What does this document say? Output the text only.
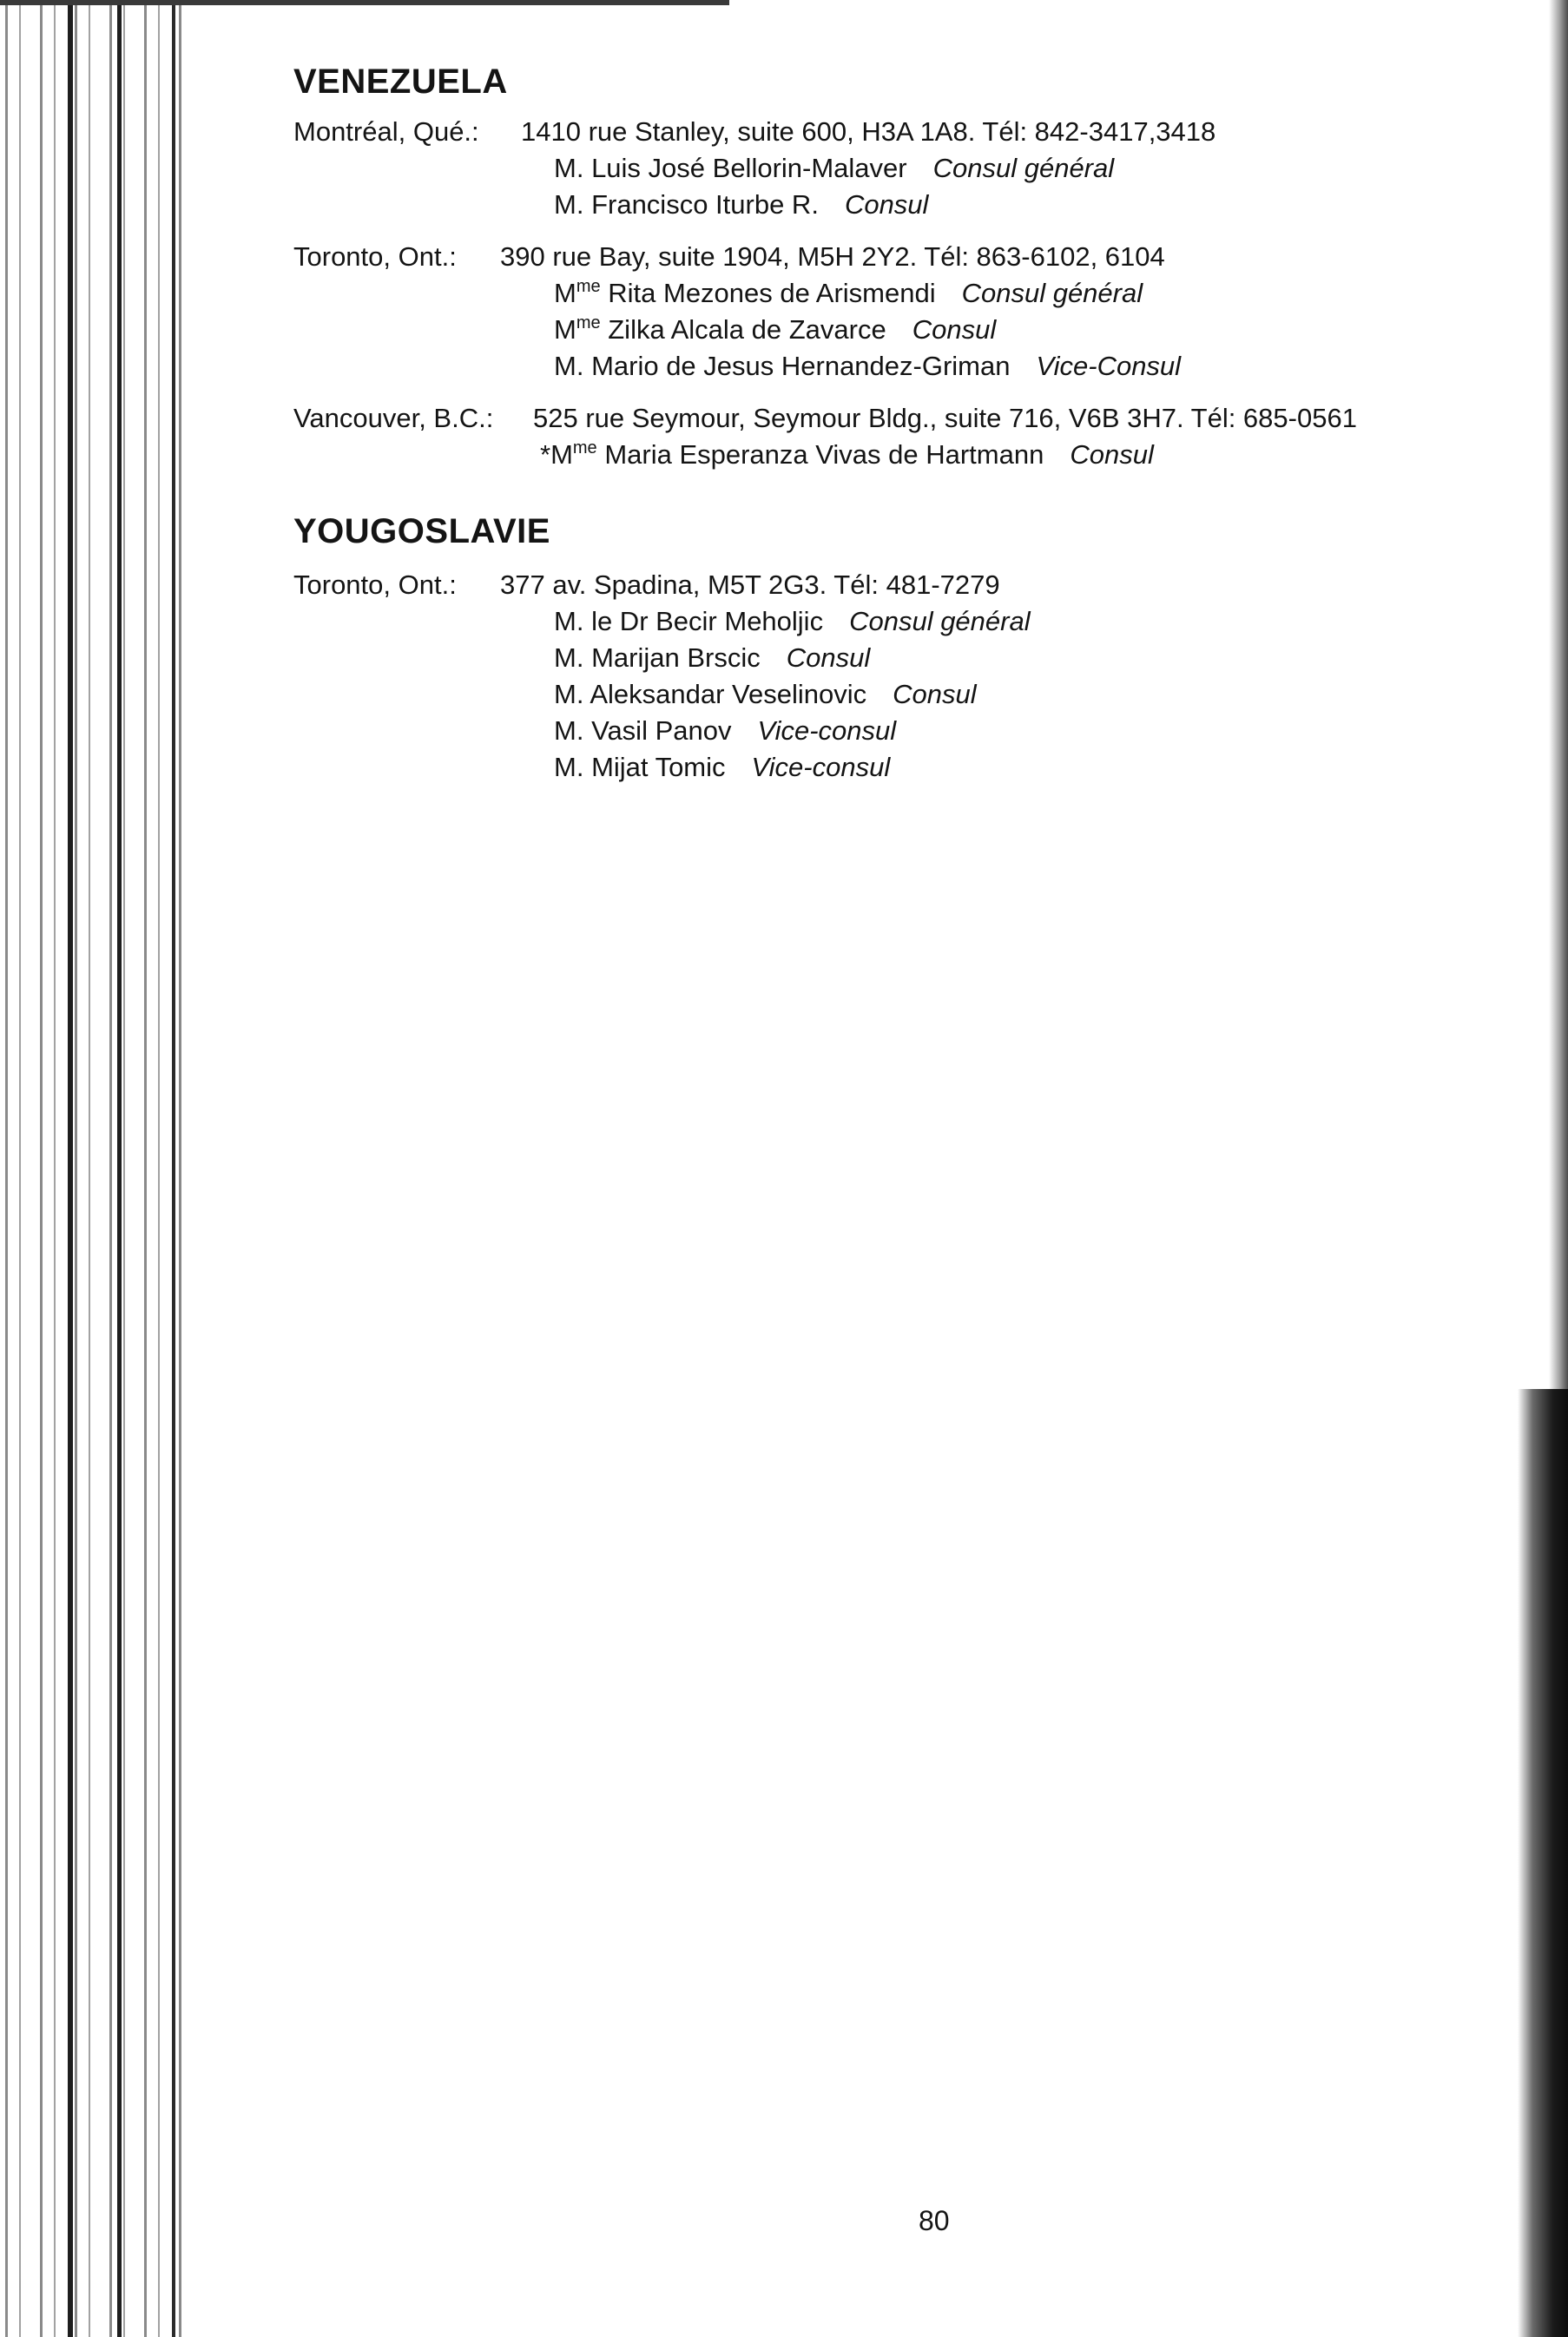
VENEZUELA
Montréal, Qué.: 1410 rue Stanley, suite 600, H3A 1A8. Tél: 842-3417,3418
M. Luis José Bellorin-Malaver Consul général
M. Francisco Iturbe R. Consul
Toronto, Ont.: 390 rue Bay, suite 1904, M5H 2Y2. Tél: 863-6102, 6104
$M^{me}$ Rita Mezones de Arismendi Consul général
$M^{me}$ Zilka Alcala de Zavarce Consul
M. Mario de Jesus Hernandez-Griman Vice-Consul
Vancouver, B.C.: 525 rue Seymour, Seymour Bldg., suite 716, V6B 3H7. Tél: 685-0561
$*M^{me}$ Maria Esperanza Vivas de Hartmann Consul
YOUGOSLAVIE
Toronto, Ont.: 377 av. Spadina, M5T 2G3. Tél: 481-7279
M. le Dr Becir Meholjic Consul général
M. Marijan Brscic Consul
M. Aleksandar Veselinovic Consul
M. Vasil Panov Vice-consul
M. Mijat Tomic Vice-consul
80
